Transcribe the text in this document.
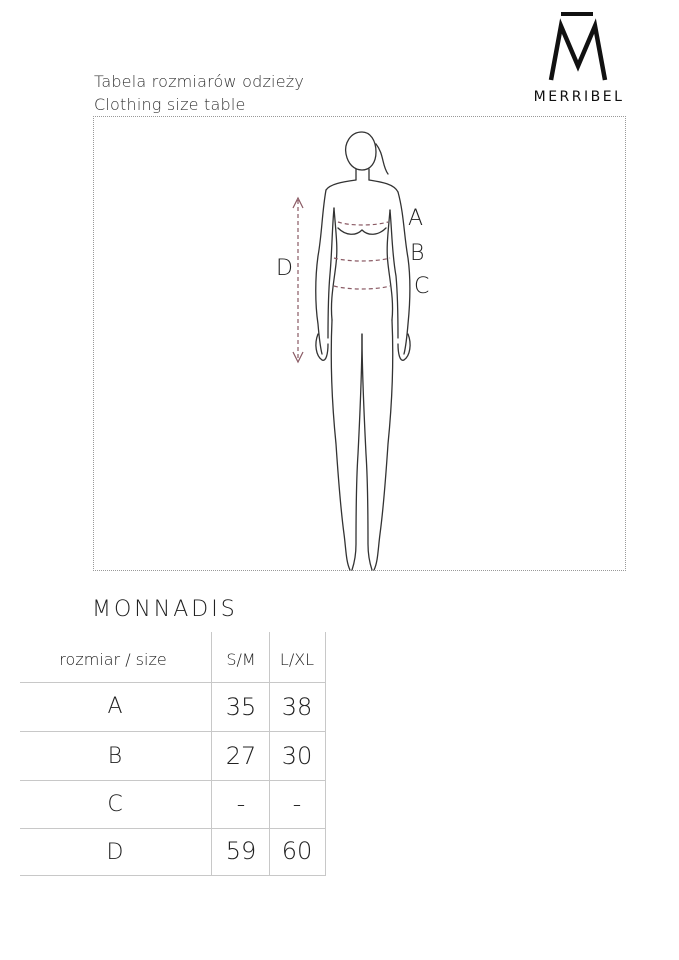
Tabela rozmiarów odzieży
Clothing size table	MERRIBEL
A
B
C
D
MONNADIS
rozmiar / size	S/M	L/XL
A	35	38
B	27	30
C	-	-
D	59	60
